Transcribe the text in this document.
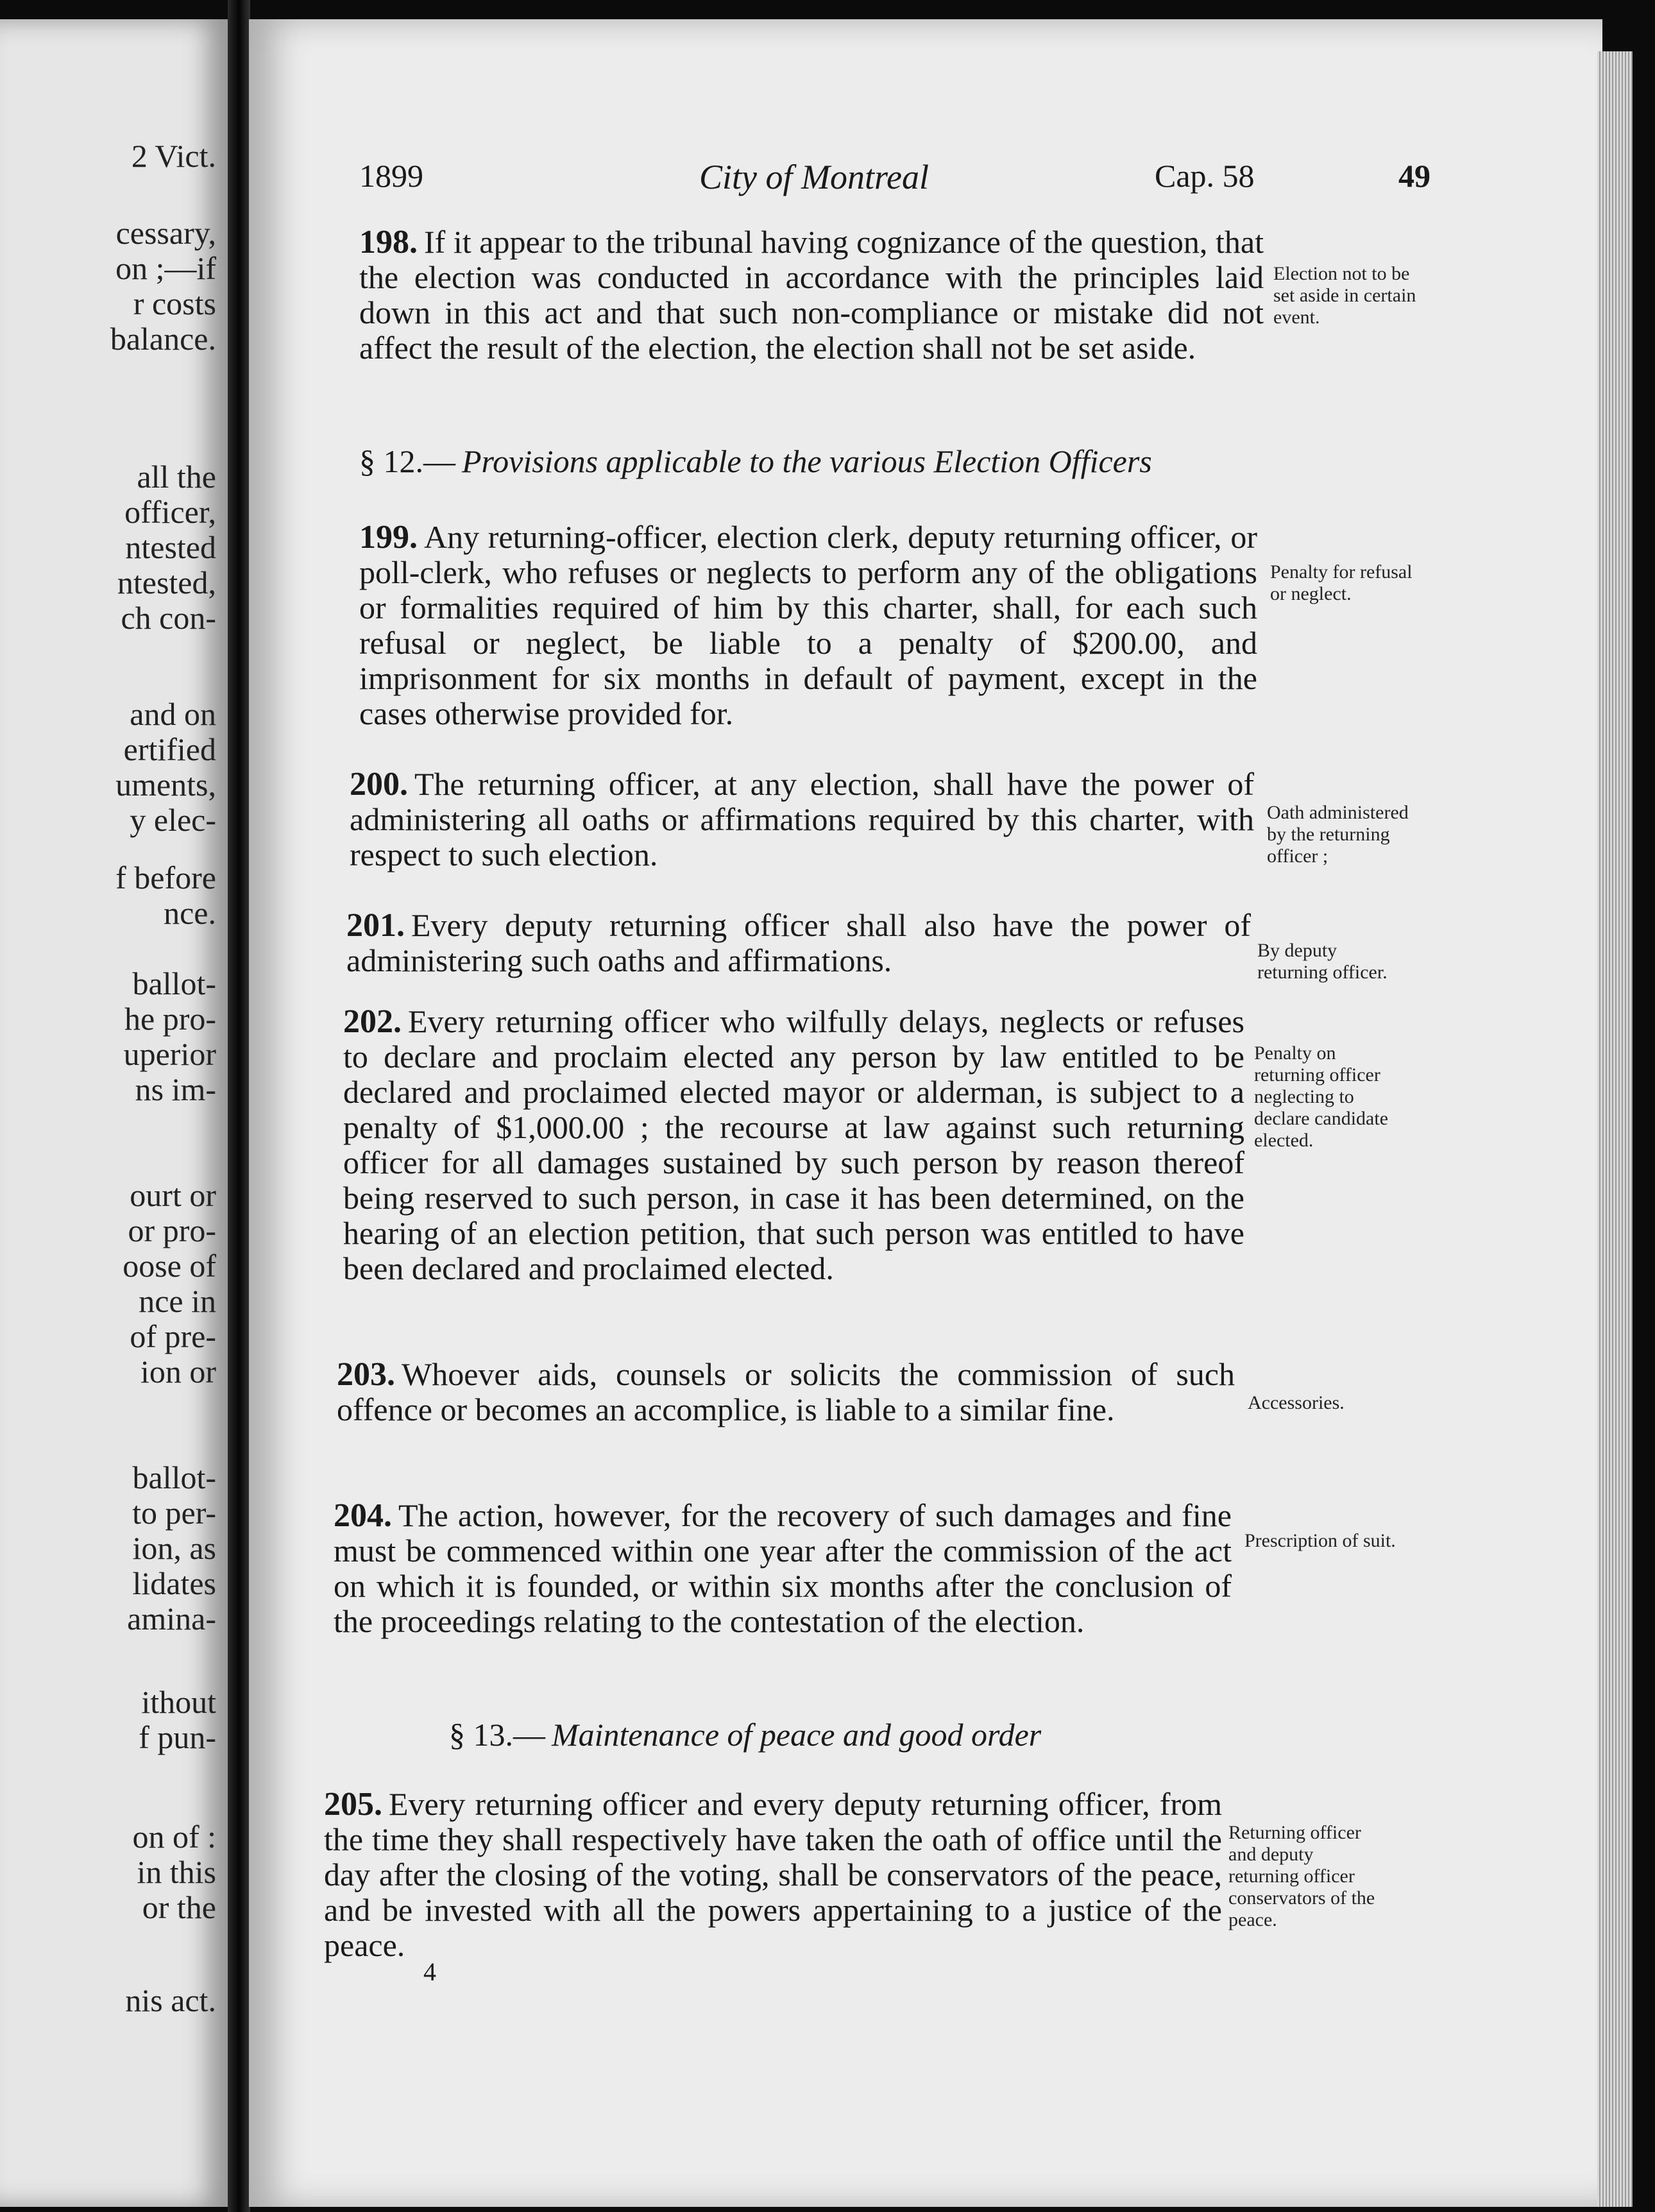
2 Vict.
cessary,
on ;—if
r costs
balance.
all the
officer,
ntested
ntested,
ch con-
and on
ertified
uments,
y elec-
f before
nce.
ballot-
he pro-
uperior
ns im-
ourt or
or pro-
oose of
nce in
of pre-
ion or
ballot-
to per-
ion, as
lidates
amina-
ithout
f pun-
on of :
in this
or the
nis act.
1899	City of Montreal	Cap. 58	49
198. If it appear to the tribunal having cognizance of the question, that the election was conducted in accordance with the principles laid down in this act and that such non-compliance or mistake did not affect the result of the election, the election shall not be set aside.
Election not to be set aside in certain event.
§ 12.— Provisions applicable to the various Election Officers
199. Any returning-officer, election clerk, deputy returning officer, or poll-clerk, who refuses or neglects to perform any of the obligations or formalities required of him by this charter, shall, for each such refusal or neglect, be liable to a penalty of $200.00, and imprisonment for six months in default of payment, except in the cases otherwise provided for.
Penalty for refusal or neglect.
200. The returning officer, at any election, shall have the power of administering all oaths or affirmations required by this charter, with respect to such election.
Oath administered by the returning officer ;
201. Every deputy returning officer shall also have the power of administering such oaths and affirmations.	By deputy returning officer.
202. Every returning officer who wilfully delays, neglects or refuses to declare and proclaim elected any person by law entitled to be declared and proclaimed elected mayor or alderman, is subject to a penalty of $1,000.00 ; the recourse at law against such returning officer for all damages sustained by such person by reason thereof being reserved to such person, in case it has been determined, on the hearing of an election petition, that such person was entitled to have been declared and proclaimed elected.
Penalty on returning officer neglecting to declare candidate elected.
203. Whoever aids, counsels or solicits the commission of such offence or becomes an accomplice, is liable to a similar fine.	Accessories.
204. The action, however, for the recovery of such damages and fine must be commenced within one year after the commission of the act on which it is founded, or within six months after the conclusion of the proceedings relating to the contestation of the election.
Prescription of suit.
§ 13.— Maintenance of peace and good order
205. Every returning officer and every deputy returning officer, from the time they shall respectively have taken the oath of office until the day after the closing of the voting, shall be conservators of the peace, and be invested with all the powers appertaining to a justice of the peace.
Returning officer and deputy returning officer conservators of the peace.
4
